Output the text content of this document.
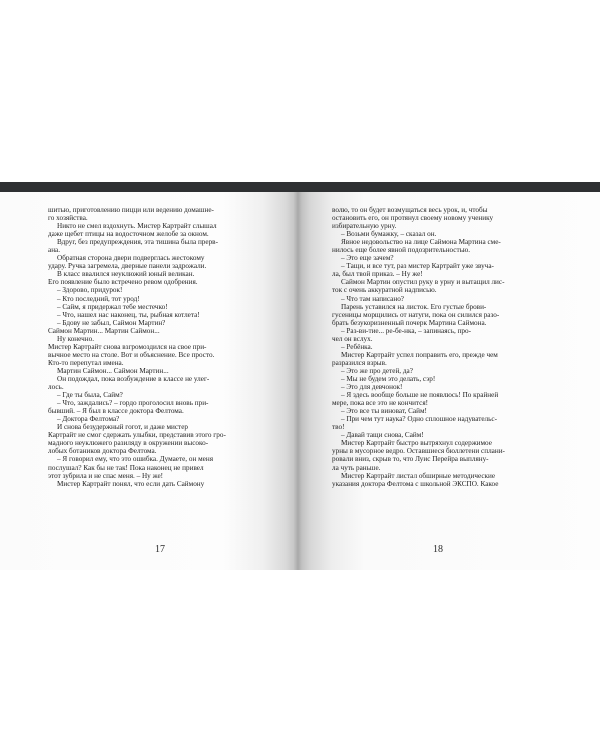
шитью, приготовлению пицци или ведению домашне-

го хозяйства.

Никто не смел вздохнуть. Мистер Картрайт слышал

даже щебет птицы на водосточном желобе за окном.

Вдруг, без предупреждения, эта тишина была прерв-

ана.

Обратная сторона двери подверглась жестокому

удару. Ручка загремела, дверные панели задрожали.

В класс ввалился неуклюжий юный великан.

Его появление было встречено ревом одобрения.

– Здорово, придурок!

– Кто последний, тот урод!

– Сайм, я придержал тебе местечко!

– Что, нашел нас наконец, ты, рыбная котлета!

– Бдову не забыл, Саймон Мартин?

Саймон Мартин... Мартин Саймон...

Ну конечно.

Мистер Картрайт снова взгромоздился на свое при-

вычное место на столе. Вот и объяснение. Все просто.

Кто-то перепутал имена.

Мартин Саймон... Саймон Мартин...

Он подождал, пока возбуждение в классе не улег-

лось.

– Где ты была, Сайм?

– Что, заждались? – гордо проголосил вновь при-

бывший. – Я был в классе доктора Фелтома.

– Доктора Фелтома?

И снова безудержный гогот, и даже мистер

Картрайт не смог сдержать улыбки, представив этого гро-

мадного неуклюжего разиляду в окружении высоко-

лобых ботаников доктора Фелтома.

– Я говорил ему, что это ошибка. Думаете, он меня

послушал? Как бы не так! Пока наконец не привел

этот зубрила и не спас меня. – Ну же!

Мистер Картрайт понял, что если дать Саймону

17

волю, то он будет возмущаться весь урок, и, чтобы

остановить его, он протянул своему новому ученику

избирательную урну.

– Возьми бумажку, – сказал он.

Явное недовольство на лице Саймона Мартина сме-

нилось еще более явной подозрительностью.

– Это еще зачем?

– Тащи, и все тут, раз мистер Картрайт уже звуча-

ла, был твой приказ. – Ну же!

Саймон Мартин опустил руку в урну и вытащил лис-

ток с очень аккуратной надписью.

– Что там написано?

Парень уставился на листок. Его густые брови-

гусеницы морщились от натуги, пока он силился разо-

брать безукоризненный почерк Мартина Саймона.

– Раз-ви-тие... ре-бе-нка, – запинаясь, про-

чел он вслух.

– Ребёнка.

Мистер Картрайт успел поправить его, прежде чем

разразился взрыв.

– Это же про детей, да?

– Мы не будем это делать, сэр!

– Это для девчонок!

– Я здесь вообще больше не появлюсь! По крайней

мере, пока все это не кончится!

– Это все ты виноват, Сайм!

– При чем тут наука? Одно сплошное надувательс-

тво!

– Давай тащи снова, Сайм!

Мистер Картрайт быстро вытряхнул содержимое

урны в мусорное ведро. Оставшиеся бюллетени сплани-

ровали вниз, скрыв то, что Луис Перейра выпляну-

ла чуть раньше.

Мистер Картрайт листал обширные методические

указания доктора Фелтома с школьной ЭКСПО. Какое

18
